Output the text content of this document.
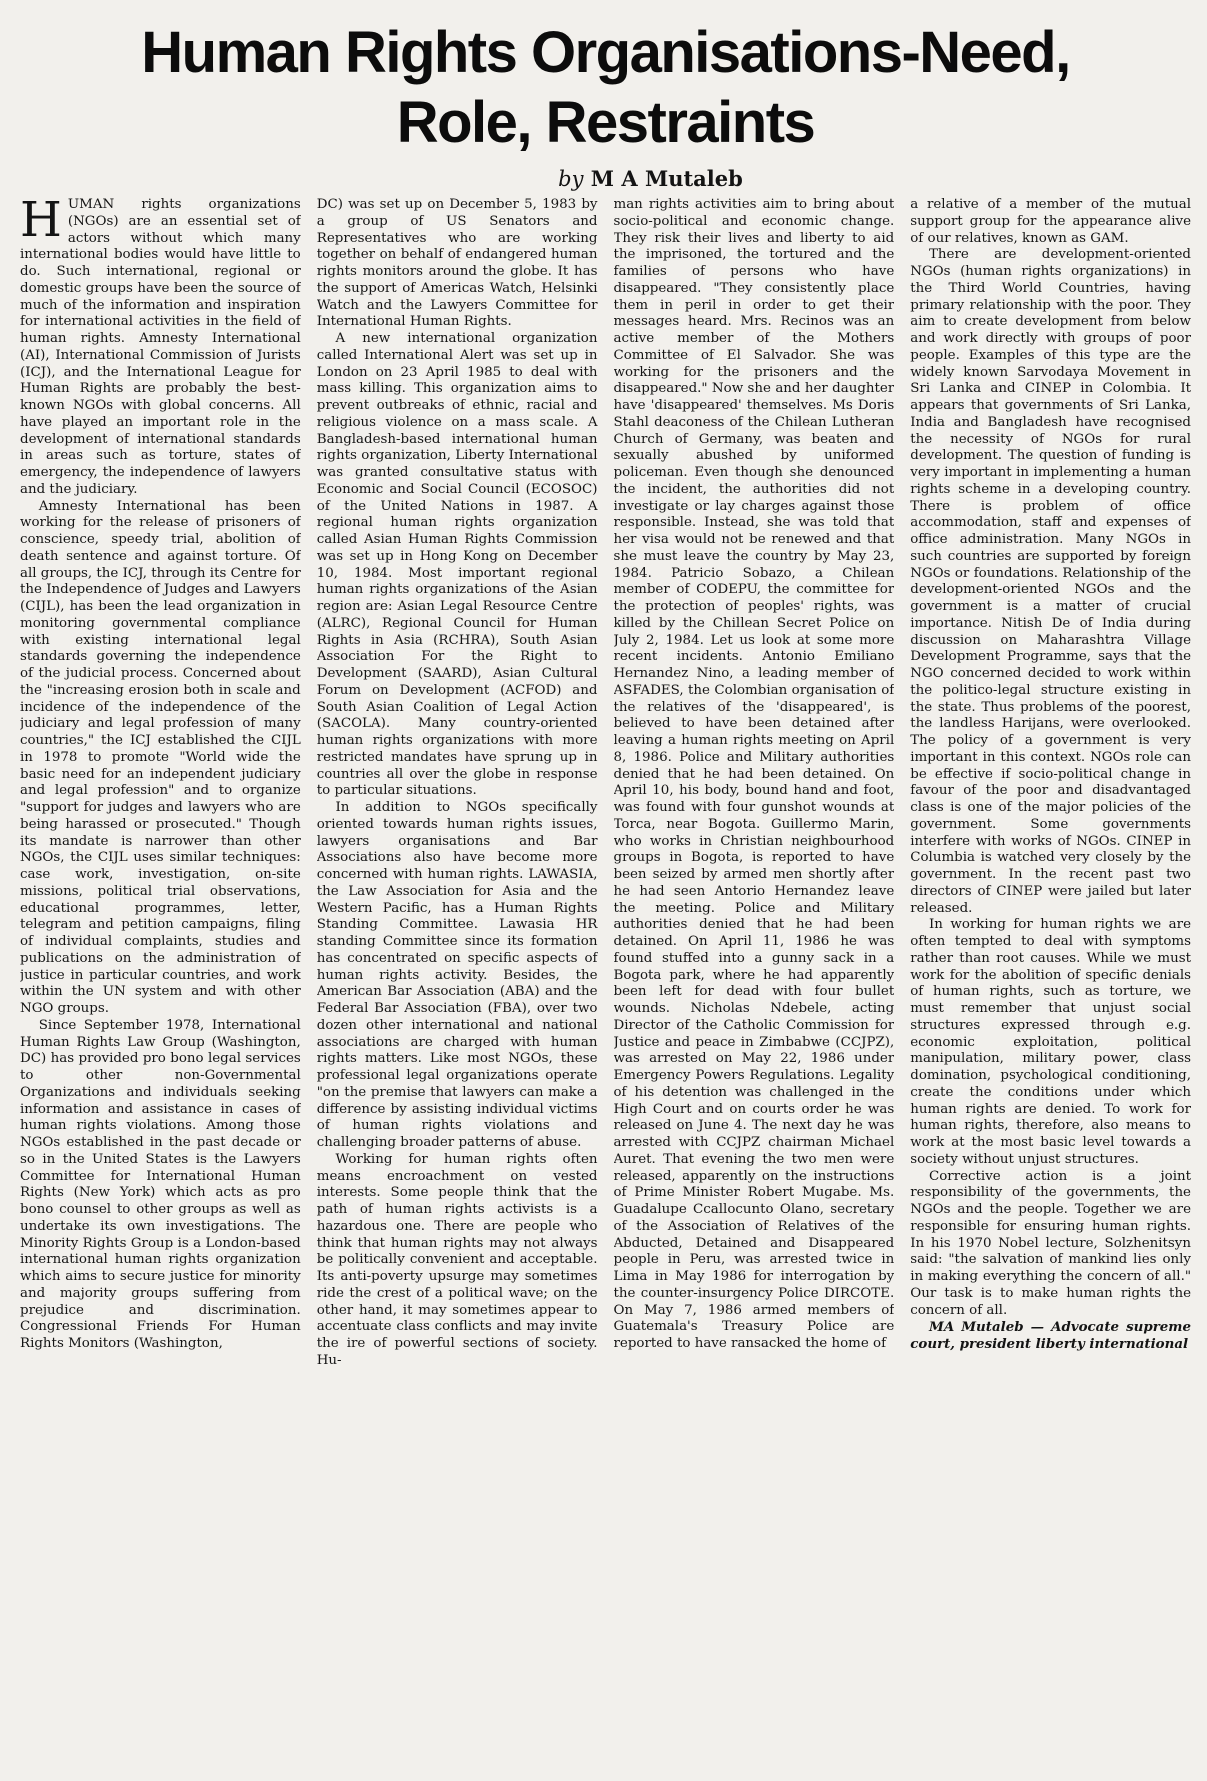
Human Rights Organisations-Need,
Role, Restraints
by M A Mutaleb

HUMAN rights organizations (NGOs) are an essential set of actors without which many international bodies would have little to do. Such international, regional or domestic groups have been the source of much of the information and inspiration for international activities in the field of human rights. Amnesty International (AI), International Commission of Jurists (ICJ), and the International League for Human Rights are probably the best-known NGOs with global concerns. All have played an important role in the development of international standards in areas such as torture, states of emergency, the independence of lawyers and the judiciary.

Amnesty International has been working for the release of prisoners of conscience, speedy trial, abolition of death sentence and against torture. Of all groups, the ICJ, through its Centre for the Independence of Judges and Lawyers (CIJL), has been the lead organization in monitoring governmental compliance with existing international legal standards governing the independence of the judicial process. Concerned about the "increasing erosion both in scale and incidence of the independence of the judiciary and legal profession of many countries," the ICJ established the CIJL in 1978 to promote "World wide the basic need for an independent judiciary and legal profession" and to organize "support for judges and lawyers who are being harassed or prosecuted." Though its mandate is narrower than other NGOs, the CIJL uses similar techniques: case work, investigation, on-site missions, political trial observations, educational programmes, letter, telegram and petition campaigns, filing of individual complaints, studies and publications on the administration of justice in particular countries, and work within the UN system and with other NGO groups.

Since September 1978, International Human Rights Law Group (Washington, DC) has provided pro bono legal services to other non-Governmental Organizations and individuals seeking information and assistance in cases of human rights violations. Among those NGOs established in the past decade or so in the United States is the Lawyers Committee for International Human Rights (New York) which acts as pro bono counsel to other groups as well as undertake its own investigations. The Minority Rights Group is a London-based international human rights organization which aims to secure justice for minority and majority groups suffering from prejudice and discrimination. Congressional Friends For Human Rights Monitors (Washington,

DC) was set up on December 5, 1983 by a group of US Senators and Representatives who are working together on behalf of endangered human rights monitors around the globe. It has the support of Americas Watch, Helsinki Watch and the Lawyers Committee for International Human Rights.

A new international organization called International Alert was set up in London on 23 April 1985 to deal with mass killing. This organization aims to prevent outbreaks of ethnic, racial and religious violence on a mass scale. A Bangladesh-based international human rights organization, Liberty International was granted consultative status with Economic and Social Council (ECOSOC) of the United Nations in 1987. A regional human rights organization called Asian Human Rights Commission was set up in Hong Kong on December 10, 1984. Most important regional human rights organizations of the Asian region are: Asian Legal Resource Centre (ALRC), Regional Council for Human Rights in Asia (RCHRA), South Asian Association For the Right to Development (SAARD), Asian Cultural Forum on Development (ACFOD) and South Asian Coalition of Legal Action (SACOLA). Many country-oriented human rights organizations with more restricted mandates have sprung up in countries all over the globe in response to particular situations.

In addition to NGOs specifically oriented towards human rights issues, lawyers organisations and Bar Associations also have become more concerned with human rights. LAWASIA, the Law Association for Asia and the Western Pacific, has a Human Rights Standing Committee. Lawasia HR standing Committee since its formation has concentrated on specific aspects of human rights activity. Besides, the American Bar Association (ABA) and the Federal Bar Association (FBA), over two dozen other international and national associations are charged with human rights matters. Like most NGOs, these professional legal organizations operate "on the premise that lawyers can make a difference by assisting individual victims of human rights violations and challenging broader patterns of abuse.

Working for human rights often means encroachment on vested interests. Some people think that the path of human rights activists is a hazardous one. There are people who think that human rights may not always be politically convenient and acceptable. Its anti-poverty upsurge may sometimes ride the crest of a political wave; on the other hand, it may sometimes appear to accentuate class conflicts and may invite the ire of powerful sections of society. Hu-

man rights activities aim to bring about socio-political and economic change. They risk their lives and liberty to aid the imprisoned, the tortured and the families of persons who have disappeared. "They consistently place them in peril in order to get their messages heard. Mrs. Recinos was an active member of the Mothers Committee of El Salvador. She was working for the prisoners and the disappeared." Now she and her daughter have 'disappeared' themselves. Ms Doris Stahl deaconess of the Chilean Lutheran Church of Germany, was beaten and sexually abushed by uniformed policeman. Even though she denounced the incident, the authorities did not investigate or lay charges against those responsible. Instead, she was told that her visa would not be renewed and that she must leave the country by May 23, 1984. Patricio Sobazo, a Chilean member of CODEPU, the committee for the protection of peoples' rights, was killed by the Chillean Secret Police on July 2, 1984. Let us look at some more recent incidents. Antonio Emiliano Hernandez Nino, a leading member of ASFADES, the Colombian organisation of the relatives of the 'disappeared', is believed to have been detained after leaving a human rights meeting on April 8, 1986. Police and Military authorities denied that he had been detained. On April 10, his body, bound hand and foot, was found with four gunshot wounds at Torca, near Bogota. Guillermo Marin, who works in Christian neighbourhood groups in Bogota, is reported to have been seized by armed men shortly after he had seen Antorio Hernandez leave the meeting. Police and Military authorities denied that he had been detained. On April 11, 1986 he was found stuffed into a gunny sack in a Bogota park, where he had apparently been left for dead with four bullet wounds. Nicholas Ndebele, acting Director of the Catholic Commission for Justice and peace in Zimbabwe (CCJPZ), was arrested on May 22, 1986 under Emergency Powers Regulations. Legality of his detention was challenged in the High Court and on courts order he was released on June 4. The next day he was arrested with CCJPZ chairman Michael Auret. That evening the two men were released, apparently on the instructions of Prime Minister Robert Mugabe. Ms. Guadalupe Ccallocunto Olano, secretary of the Association of Relatives of the Abducted, Detained and Disappeared people in Peru, was arrested twice in Lima in May 1986 for interrogation by the counter-insurgency Police DIRCOTE. On May 7, 1986 armed members of Guatemala's Treasury Police are reported to have ransacked the home of

a relative of a member of the mutual support group for the appearance alive of our relatives, known as GAM.

There are development-oriented NGOs (human rights organizations) in the Third World Countries, having primary relationship with the poor. They aim to create development from below and work directly with groups of poor people. Examples of this type are the widely known Sarvodaya Movement in Sri Lanka and CINEP in Colombia. It appears that governments of Sri Lanka, India and Bangladesh have recognised the necessity of NGOs for rural development. The question of funding is very important in implementing a human rights scheme in a developing country. There is problem of office accommodation, staff and expenses of office administration. Many NGOs in such countries are supported by foreign NGOs or foundations. Relationship of the development-oriented NGOs and the government is a matter of crucial importance. Nitish De of India during discussion on Maharashtra Village Development Programme, says that the NGO concerned decided to work within the politico-legal structure existing in the state. Thus problems of the poorest, the landless Harijans, were overlooked. The policy of a government is very important in this context. NGOs role can be effective if socio-political change in favour of the poor and disadvantaged class is one of the major policies of the government. Some governments interfere with works of NGOs. CINEP in Columbia is watched very closely by the government. In the recent past two directors of CINEP were jailed but later released.

In working for human rights we are often tempted to deal with symptoms rather than root causes. While we must work for the abolition of specific denials of human rights, such as torture, we must remember that unjust social structures expressed through e.g. economic exploitation, political manipulation, military power, class domination, psychological conditioning, create the conditions under which human rights are denied. To work for human rights, therefore, also means to work at the most basic level towards a society without unjust structures.

Corrective action is a joint responsibility of the governments, the NGOs and the people. Together we are responsible for ensuring human rights. In his 1970 Nobel lecture, Solzhenitsyn said: "the salvation of mankind lies only in making everything the concern of all." Our task is to make human rights the concern of all.

MA Mutaleb — Advocate supreme court, president liberty international
